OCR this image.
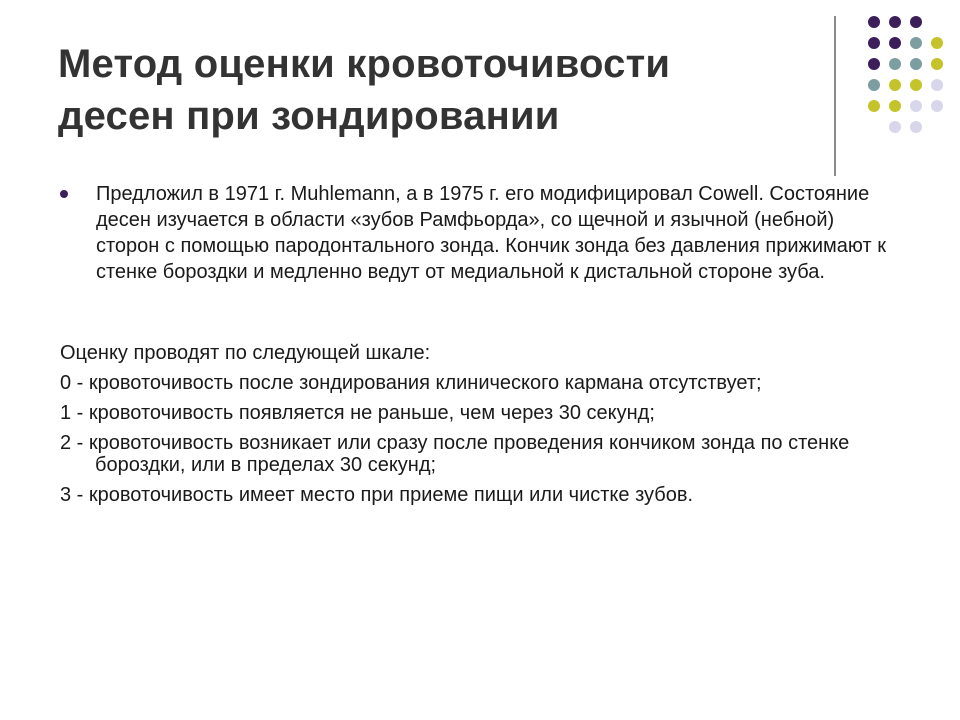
Метод оценки кровоточивости десен при зондировании

Предложил в 1971 г. Muhlemann, а в 1975 г. его модифицировал Cowell. Состояние десен изучается в области «зубов Рамфьорда», со щечной и язычной (небной) сторон с помощью пародонтального зонда. Кончик зонда без давления прижимают к стенке бороздки и медленно ведут от медиальной к дистальной стороне зуба.

Оценку проводят по следующей шкале:

0 - кровоточивость после зондирования клинического кармана отсутствует;

1 - кровоточивость появляется не раньше, чем через 30 секунд;

2 - кровоточивость возникает или сразу после проведения кончиком зонда по стенке бороздки, или в пределах 30 секунд;

3 - кровоточивость имеет место при приеме пищи или чистке зубов.
